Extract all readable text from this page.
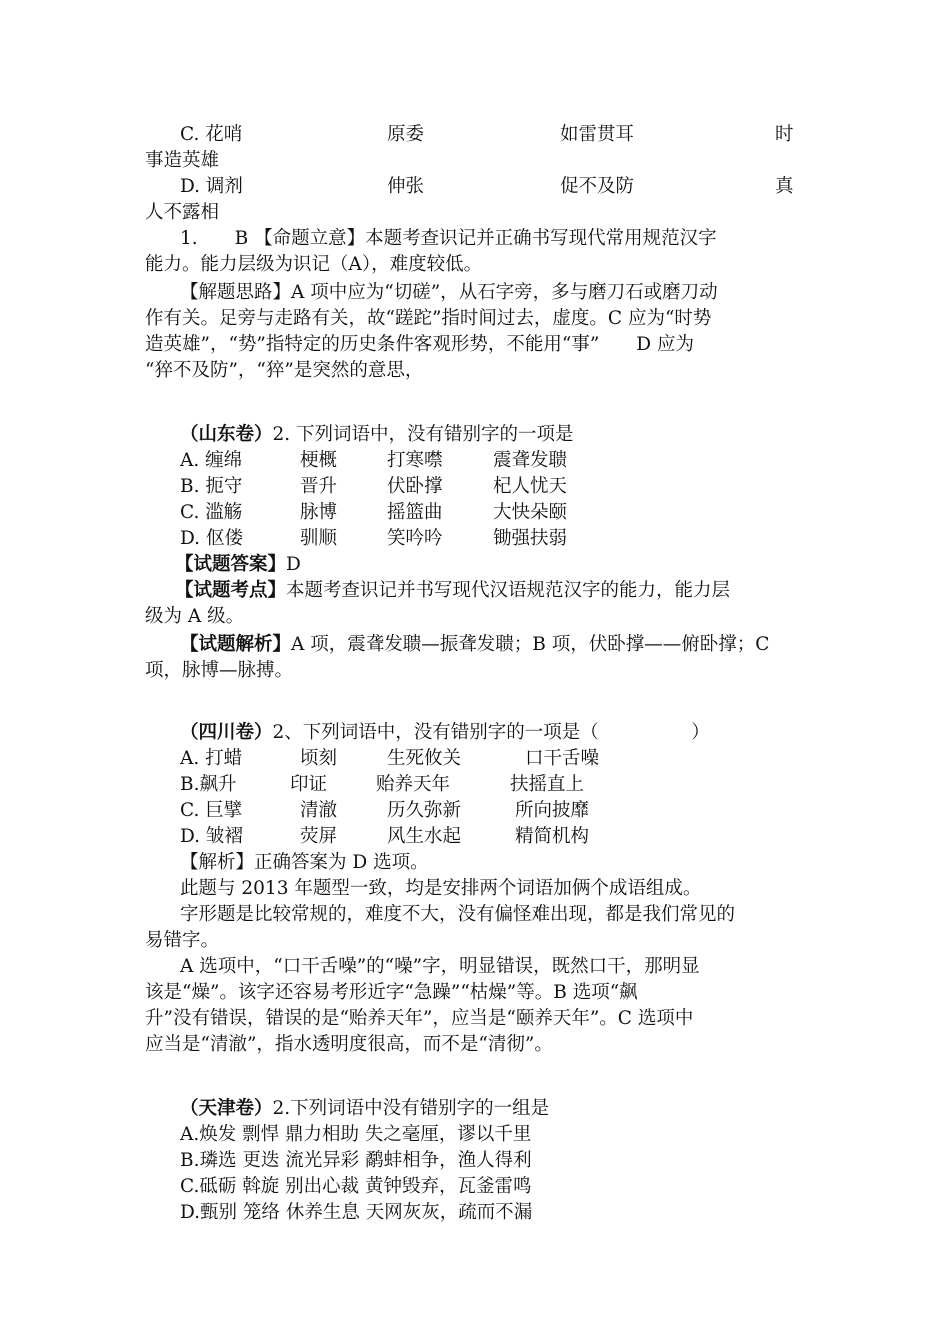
C. 花哨	原委	如雷贯耳	时
事造英雄
D. 调剂	伸张	促不及防	真
人不露相
1.　　B 【命题立意】本题考查识记并正确书写现代常用规范汉字
能力。能力层级为识记（A），难度较低。
【解题思路】A 项中应为“切磋”，从石字旁，多与磨刀石或磨刀动
作有关。足旁与走路有关，故“蹉跎”指时间过去，虚度。C 应为“时势
造英雄”，“势”指特定的历史条件客观形势，不能用“事”　　D 应为
“猝不及防”，“猝”是突然的意思，
（山东卷）2. 下列词语中，没有错别字的一项是
A. 缠绵	梗概	打寒噤	震聋发聩
B. 扼守	晋升	伏卧撑	杞人忧天
C. 滥觞	脉博	摇篮曲	大快朵颐
D. 伛偻	驯顺	笑吟吟	锄强扶弱
【试题答案】D
【试题考点】本题考查识记并书写现代汉语规范汉字的能力，能力层
级为 A 级。
【试题解析】A 项，震聋发聩—振聋发聩；B 项，伏卧撑——俯卧撑；C
项，脉博—脉搏。
（四川卷）2、下列词语中，没有错别字的一项是（　　　　　）
A. 打蜡	顷刻	生死攸关	口干舌噪
B.飙升	印证	贻养天年	扶摇直上
C. 巨擘	清澈	历久弥新	所向披靡
D. 皱褶	荧屏	风生水起	精简机构
【解析】正确答案为 D 选项。
此题与 2013 年题型一致，均是安排两个词语加俩个成语组成。
字形题是比较常规的，难度不大，没有偏怪难出现，都是我们常见的
易错字。
A 选项中，“口干舌噪”的“噪”字，明显错误，既然口干，那明显
该是“燥”。该字还容易考形近字“急躁”“枯燥”等。B 选项“飙
升”没有错误，错误的是“贻养天年”，应当是“颐养天年”。C 选项中
应当是“清澈”，指水透明度很高，而不是“清彻”。
（天津卷）2.下列词语中没有错别字的一组是
A.焕发 剽悍 鼎力相助 失之毫厘，谬以千里
B.璘选 更迭 流光异彩 鹬蚌相争，渔人得利
C.砥砺 斡旋 别出心裁 黄钟毁弃，瓦釜雷鸣
D.甄别 笼络 休养生息 天网灰灰，疏而不漏
